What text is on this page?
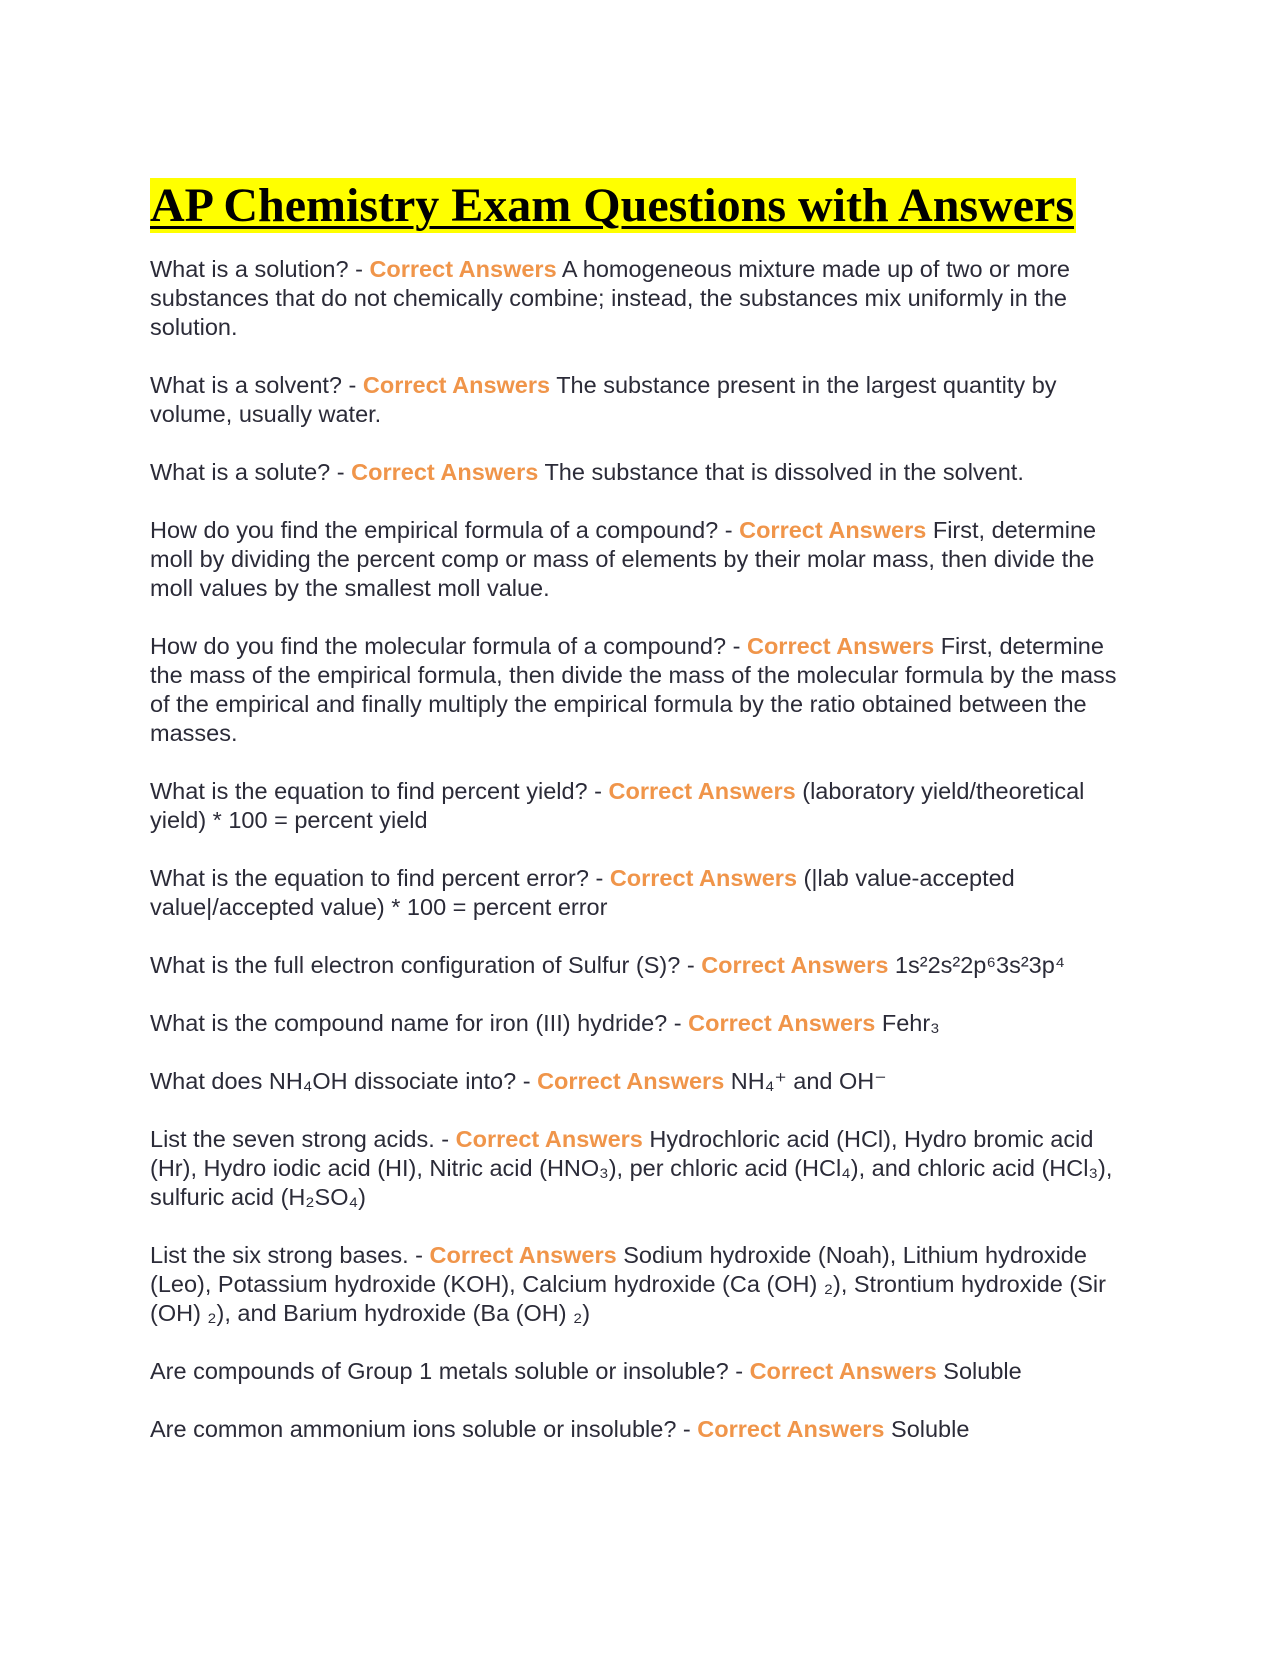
AP Chemistry Exam Questions with Answers

What is a solution? - Correct Answers A homogeneous mixture made up of two or more substances that do not chemically combine; instead, the substances mix uniformly in the solution.

What is a solvent? - Correct Answers The substance present in the largest quantity by volume, usually water.

What is a solute? - Correct Answers The substance that is dissolved in the solvent.

How do you find the empirical formula of a compound? - Correct Answers First, determine moll by dividing the percent comp or mass of elements by their molar mass, then divide the moll values by the smallest moll value.

How do you find the molecular formula of a compound? - Correct Answers First, determine the mass of the empirical formula, then divide the mass of the molecular formula by the mass of the empirical and finally multiply the empirical formula by the ratio obtained between the masses.

What is the equation to find percent yield? - Correct Answers (laboratory yield/theoretical yield) * 100 = percent yield

What is the equation to find percent error? - Correct Answers (|lab value-accepted value|/accepted value) * 100 = percent error

What is the full electron configuration of Sulfur (S)? - Correct Answers 1s²2s²2p⁶3s²3p⁴

What is the compound name for iron (III) hydride? - Correct Answers Fehr₃

What does NH₄OH dissociate into? - Correct Answers NH₄⁺ and OH⁻

List the seven strong acids. - Correct Answers Hydrochloric acid (HCl), Hydro bromic acid (Hr), Hydro iodic acid (HI), Nitric acid (HNO₃), per chloric acid (HCl₄), and chloric acid (HCl₃), sulfuric acid (H₂SO₄)

List the six strong bases. - Correct Answers Sodium hydroxide (Noah), Lithium hydroxide (Leo), Potassium hydroxide (KOH), Calcium hydroxide (Ca (OH) ₂), Strontium hydroxide (Sir (OH) ₂), and Barium hydroxide (Ba (OH) ₂)

Are compounds of Group 1 metals soluble or insoluble? - Correct Answers Soluble

Are common ammonium ions soluble or insoluble? - Correct Answers Soluble
